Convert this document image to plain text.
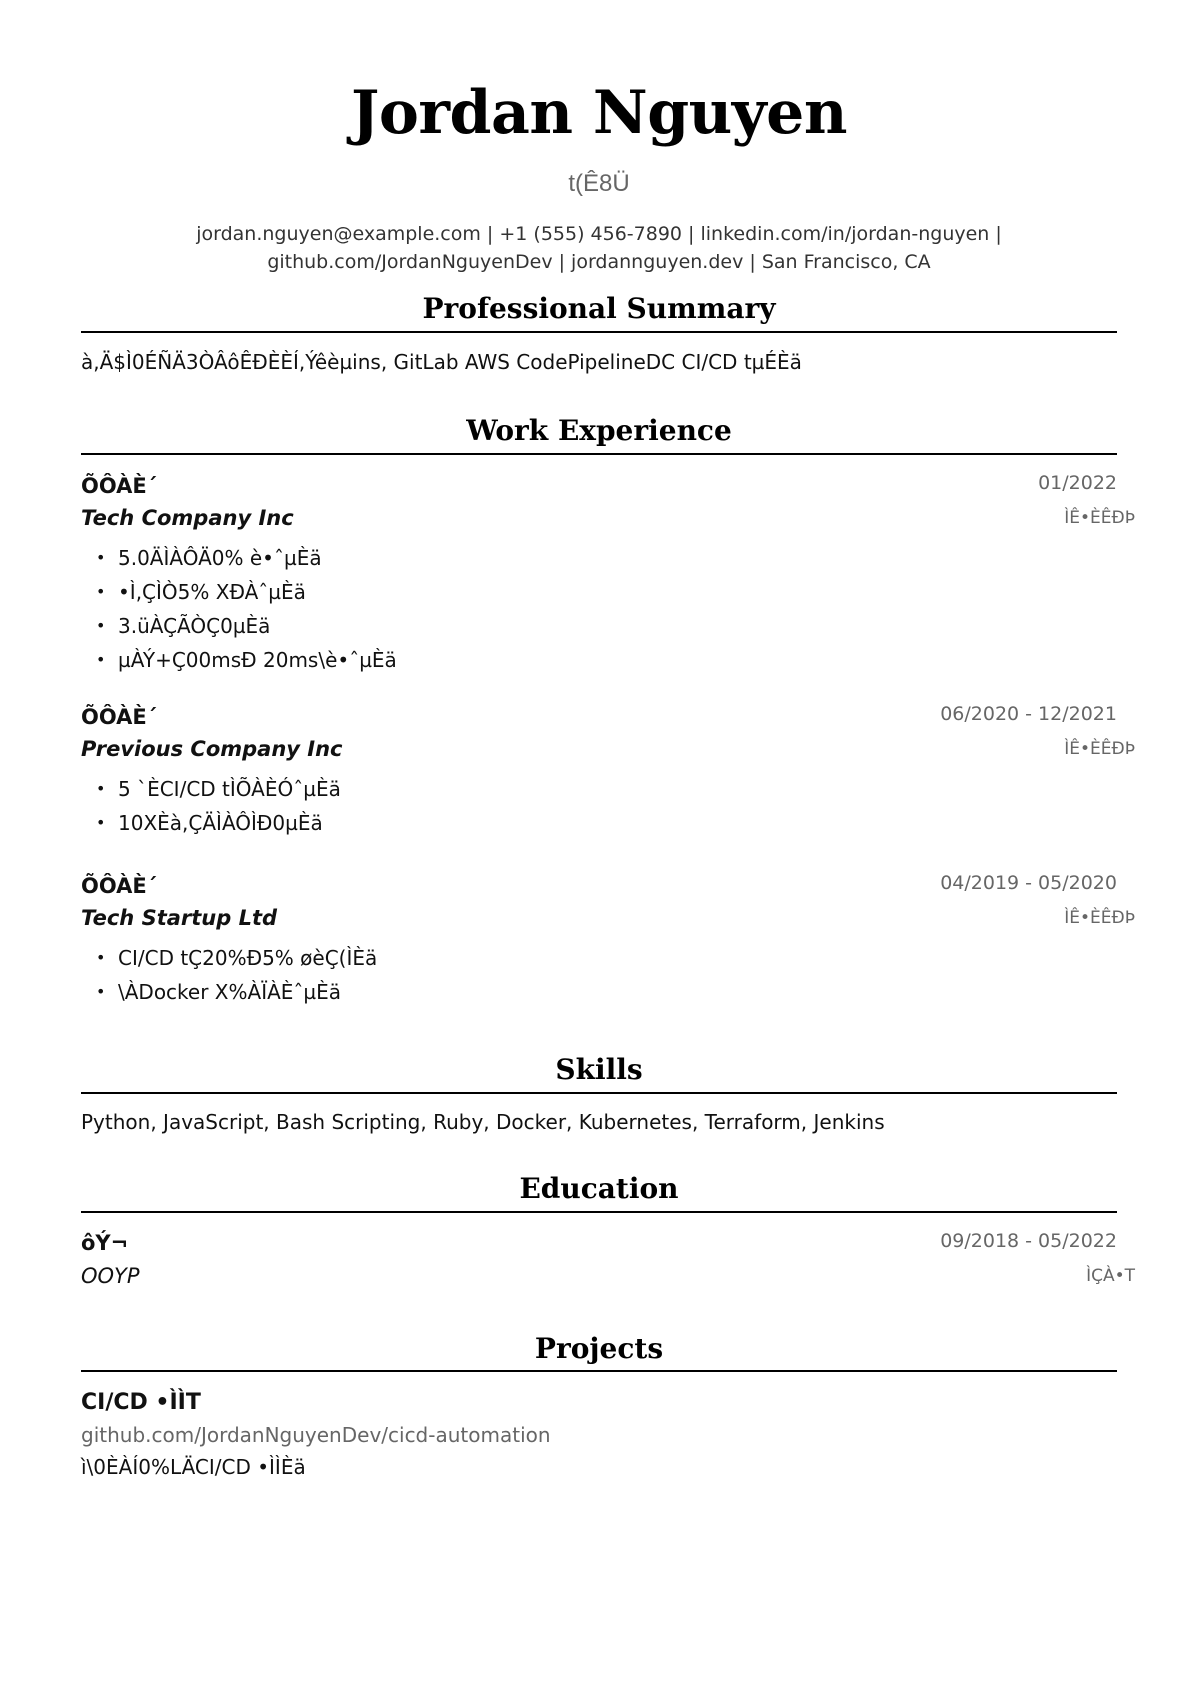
Jordan Nguyen
t(Ê8Ü
jordan.nguyen@example.com | +1 (555) 456-7890 | linkedin.com/in/jordan-nguyen |
github.com/JordanNguyenDev | jordannguyen.dev | San Francisco, CA
Professional Summary
à,Ä$Ì0ÉÑÄ3ÒÂôÊÐÈÈÍ,Ýêèµins, GitLab AWS CodePipelineDC CI/CD tµÉÈä
Work Experience
ÕÔÀÈ´	01/2022
Tech Company Inc	ÌÊ•ÈÊÐÞ
• 5.0ÄÌÀÔÄ0% è•ˆµÈä
• •Ì,ÇÌÒ5% XÐÀˆµÈä
• 3.üÀÇÃÒÇ0µÈä
• µÀÝ+Ç00msÐ 20ms\è•ˆµÈä
ÕÔÀÈ´	06/2020 - 12/2021
Previous Company Inc	ÌÊ•ÈÊÐÞ
• 5 `ÈCI/CD tÌÕÀÈÓˆµÈä
• 10XÈà,ÇÄÌÀÔÌÐ0µÈä
ÕÔÀÈ´	04/2019 - 05/2020
Tech Startup Ltd	ÌÊ•ÈÊÐÞ
• CI/CD tÇ20%Ð5% øèÇ(ÌÈä
• \ÀDocker X%ÀÏÀÈˆµÈä
Skills
Python, JavaScript, Bash Scripting, Ruby, Docker, Kubernetes, Terraform, Jenkins
Education
ôÝ¬	09/2018 - 05/2022
OOYP	ÌÇÀ•T
Projects
CI/CD •ÌÌT
github.com/JordanNguyenDev/cicd-automation
ì\0ÈÀÍ0%LÄCI/CD •ÌÌÈä
